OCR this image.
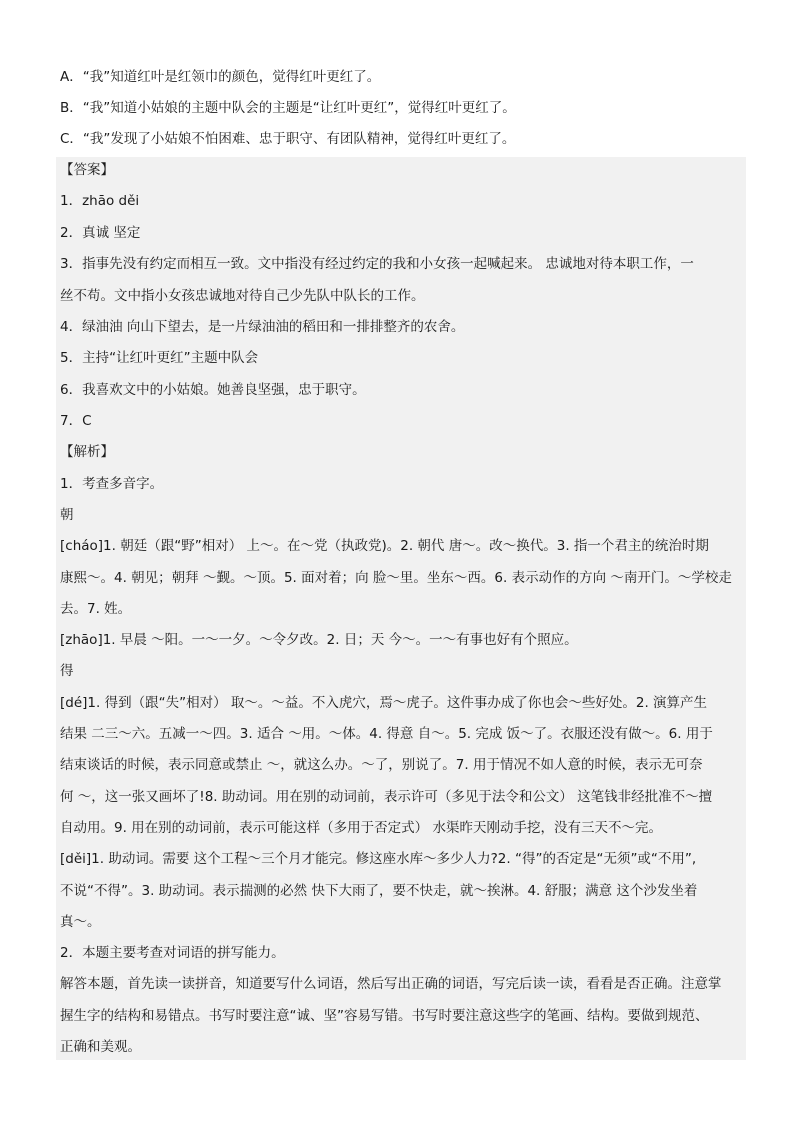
A．“我”知道红叶是红领巾的颜色，觉得红叶更红了。
B．“我”知道小姑娘的主题中队会的主题是“让红叶更红”，觉得红叶更红了。
C．“我”发现了小姑娘不怕困难、忠于职守、有团队精神，觉得红叶更红了。
【答案】
1．zhāo děi
2．真诚 坚定
3．指事先没有约定而相互一致。文中指没有经过约定的我和小女孩一起喊起来。 忠诚地对待本职工作，一
丝不苟。文中指小女孩忠诚地对待自己少先队中队长的工作。
4．绿油油 向山下望去，是一片绿油油的稻田和一排排整齐的农舍。
5．主持“让红叶更红”主题中队会
6．我喜欢文中的小姑娘。她善良坚强，忠于职守。
7．C
【解析】
1．考查多音字。
朝
[cháo]1. 朝廷（跟“野”相对） 上～。在～党（执政党)。2. 朝代 唐～。改～换代。3. 指一个君主的统治时期
康熙～。4. 朝见；朝拜 ～觐。～顶。5. 面对着；向 脸～里。坐东～西。6. 表示动作的方向 ～南开门。～学校走
去。7. 姓。
[zhāo]1. 早晨 ～阳。一～一夕。～令夕改。2. 日；天 今～。一～有事也好有个照应。
得
[dé]1. 得到（跟“失”相对） 取～。～益。不入虎穴，焉～虎子。这件事办成了你也会～些好处。2. 演算产生
结果 二三～六。五减一～四。3. 适合 ～用。～体。4. 得意 自～。5. 完成 饭～了。衣服还没有做～。6. 用于
结束谈话的时候，表示同意或禁止 ～，就这么办。～了，别说了。7. 用于情况不如人意的时候，表示无可奈
何 ～，这一张又画坏了!8. 助动词。用在别的动词前，表示许可（多见于法令和公文） 这笔钱非经批准不～擅
自动用。9. 用在别的动词前，表示可能这样（多用于否定式） 水渠昨天刚动手挖，没有三天不～完。
[děi]1. 助动词。需要 这个工程～三个月才能完。修这座水库～多少人力?2. “得”的否定是“无须”或“不用”,
不说“不得”。3. 助动词。表示揣测的必然 快下大雨了，要不快走，就～挨淋。4. 舒服；满意 这个沙发坐着
真～。
2．本题主要考查对词语的拼写能力。
解答本题，首先读一读拼音，知道要写什么词语，然后写出正确的词语，写完后读一读，看看是否正确。注意掌
握生字的结构和易错点。书写时要注意“诚、坚”容易写错。书写时要注意这些字的笔画、结构。要做到规范、
正确和美观。
